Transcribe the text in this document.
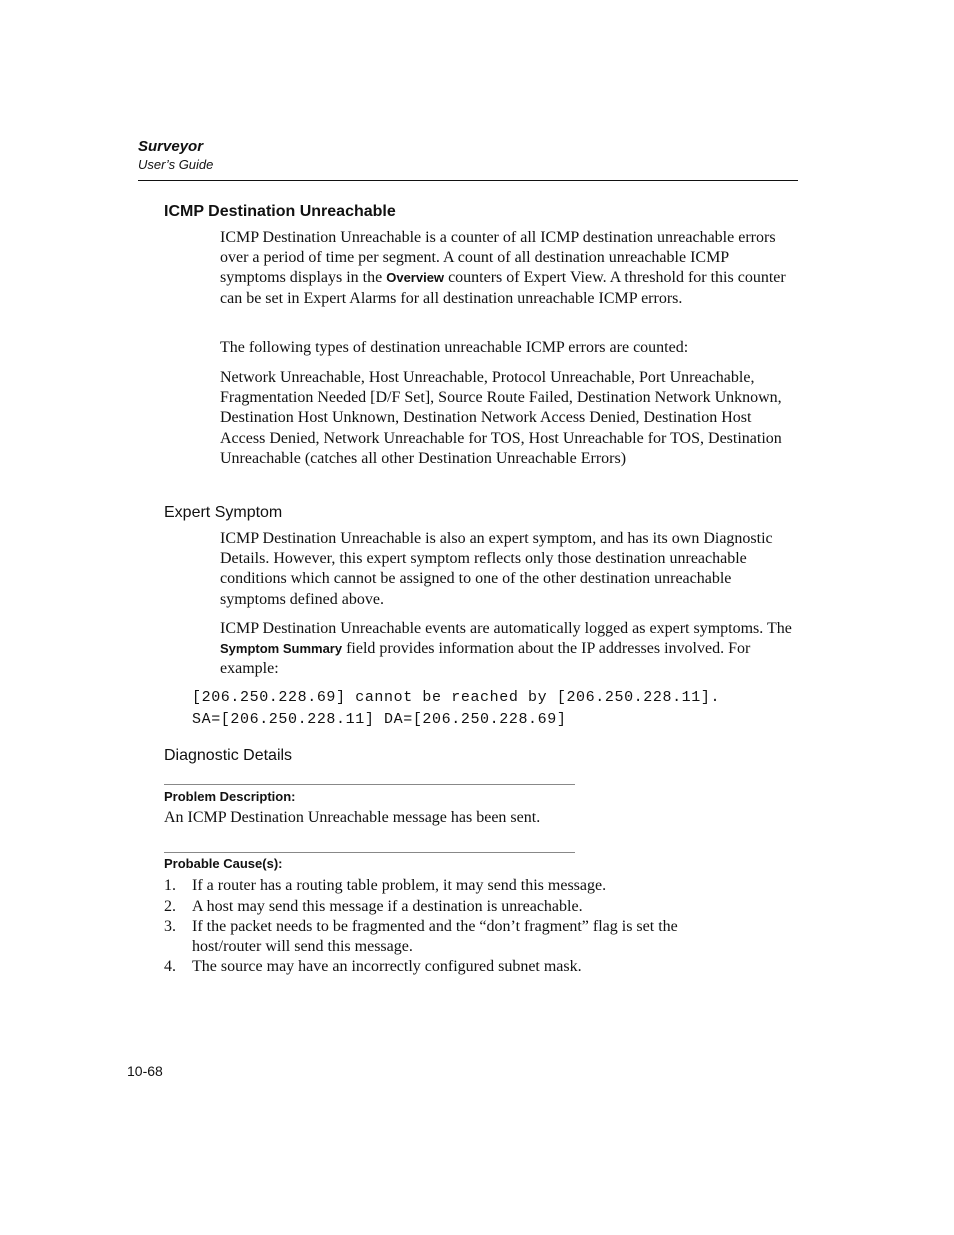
Surveyor
User’s Guide
ICMP Destination Unreachable

ICMP Destination Unreachable is a counter of all ICMP destination unreachable errors over a period of time per segment. A count of all destination unreachable ICMP symptoms displays in the Overview counters of Expert View. A threshold for this counter can be set in Expert Alarms for all destination unreachable ICMP errors.

The following types of destination unreachable ICMP errors are counted:

Network Unreachable, Host Unreachable, Protocol Unreachable, Port Unreachable, Fragmentation Needed [D/F Set], Source Route Failed, Destination Network Unknown, Destination Host Unknown, Destination Network Access Denied, Destination Host Access Denied, Network Unreachable for TOS, Host Unreachable for TOS, Destination Unreachable (catches all other Destination Unreachable Errors)

Expert Symptom

ICMP Destination Unreachable is also an expert symptom, and has its own Diagnostic Details. However, this expert symptom reflects only those destination unreachable conditions which cannot be assigned to one of the other destination unreachable symptoms defined above.

ICMP Destination Unreachable events are automatically logged as expert symptoms. The Symptom Summary field provides information about the IP addresses involved. For example:

[206.250.228.69] cannot be reached by [206.250.228.11].
SA=[206.250.228.11] DA=[206.250.228.69]
Diagnostic Details
Problem Description:
An ICMP Destination Unreachable message has been sent.
Probable Cause(s):
1.	If a router has a routing table problem, it may send this message.
2.	A host may send this message if a destination is unreachable.
3.	If the packet needs to be fragmented and the “don’t fragment” flag is set the host/router will send this message.
4.	The source may have an incorrectly configured subnet mask.
10-68
